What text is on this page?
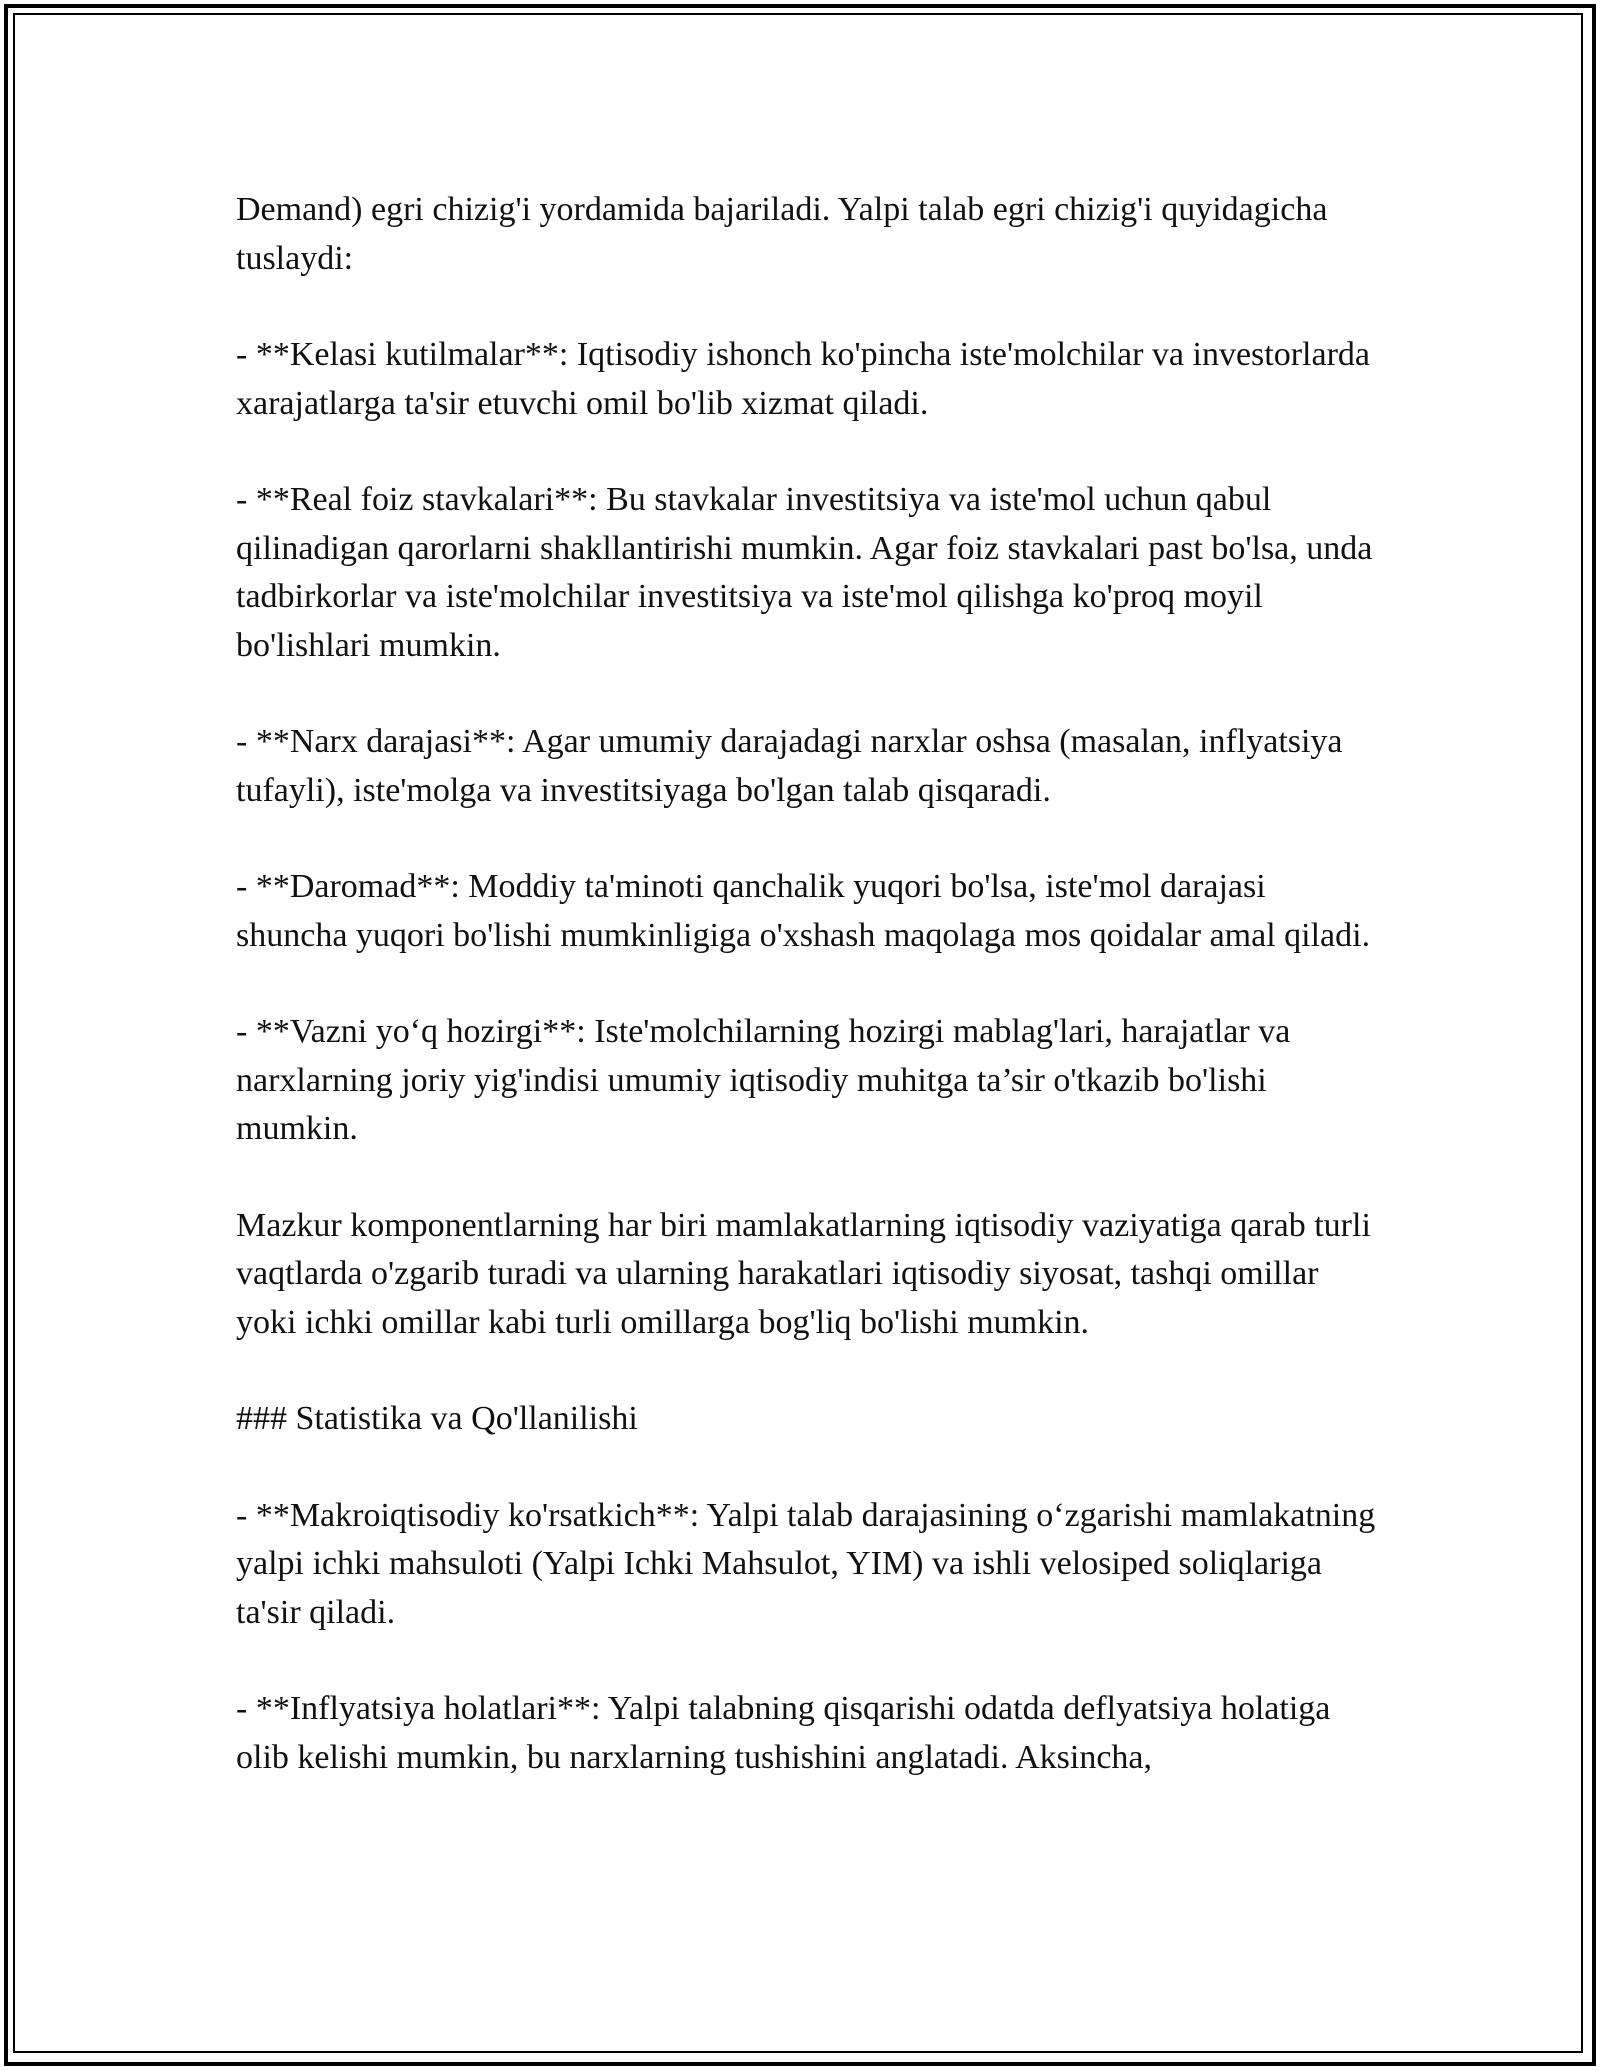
Demand) egri chizig'i yordamida bajariladi. Yalpi talab egri chizig'i quyidagicha tuslaydi:

- **Kelasi kutilmalar**: Iqtisodiy ishonch ko'pincha iste'molchilar va investorlarda xarajatlarga ta'sir etuvchi omil bo'lib xizmat qiladi.

- **Real foiz stavkalari**: Bu stavkalar investitsiya va iste'mol uchun qabul qilinadigan qarorlarni shakllantirishi mumkin. Agar foiz stavkalari past bo'lsa, unda tadbirkorlar va iste'molchilar investitsiya va iste'mol qilishga ko'proq moyil bo'lishlari mumkin.

- **Narx darajasi**: Agar umumiy darajadagi narxlar oshsa (masalan, inflyatsiya tufayli), iste'molga va investitsiyaga bo'lgan talab qisqaradi.

- **Daromad**: Moddiy ta'minoti qanchalik yuqori bo'lsa, iste'mol darajasi shuncha yuqori bo'lishi mumkinligiga o'xshash maqolaga mos qoidalar amal qiladi.

- **Vazni yo‘q hozirgi**: Iste'molchilarning hozirgi mablag'lari, harajatlar va narxlarning joriy yig'indisi umumiy iqtisodiy muhitga ta’sir o'tkazib bo'lishi mumkin.

Mazkur komponentlarning har biri mamlakatlarning iqtisodiy vaziyatiga qarab turli vaqtlarda o'zgarib turadi va ularning harakatlari iqtisodiy siyosat, tashqi omillar yoki ichki omillar kabi turli omillarga bog'liq bo'lishi mumkin.

### Statistika va Qo'llanilishi

- **Makroiqtisodiy ko'rsatkich**: Yalpi talab darajasining o‘zgarishi mamlakatning yalpi ichki mahsuloti (Yalpi Ichki Mahsulot, YIM) va ishli velosiped soliqlariga ta'sir qiladi.

- **Inflyatsiya holatlari**: Yalpi talabning qisqarishi odatda deflyatsiya holatiga olib kelishi mumkin, bu narxlarning tushishini anglatadi. Aksincha,
